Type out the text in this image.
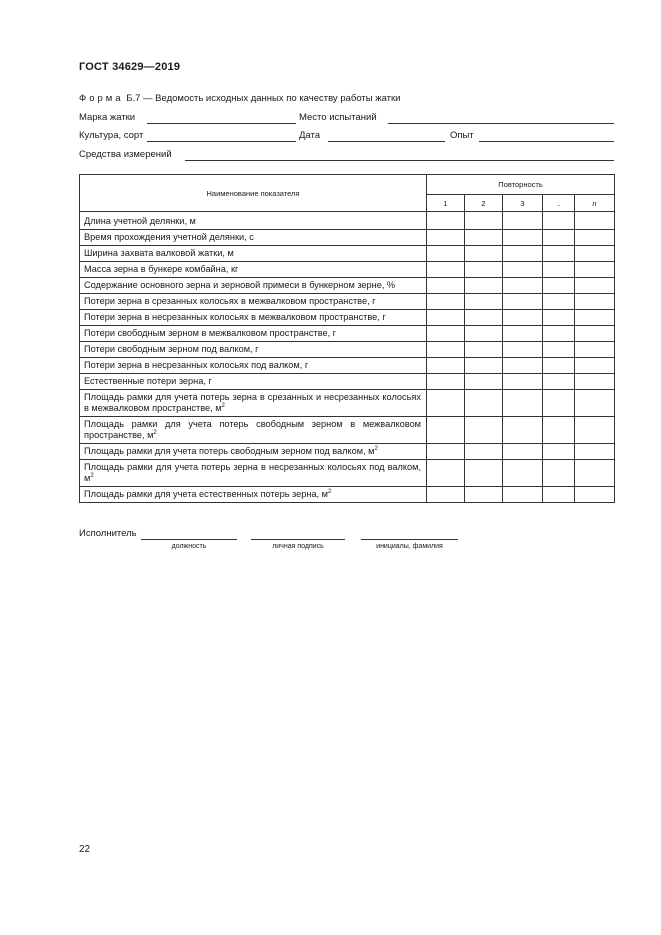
ГОСТ 34629—2019
Форма Б.7 — Ведомость исходных данных по качеству работы жатки
Марка жатки	Место испытаний
Культура, сорт	Дата	Опыт
Средства измерений
Наименование показателя	Повторность				
	1	2	3	..	n
Длина учетной делянки, м					
Время прохождения учетной делянки, с					
Ширина захвата валковой жатки, м					
Масса зерна в бункере комбайна, кг					
Содержание основного зерна и зерновой примеси в бункерном зерне, %					
Потери зерна в срезанных колосьях в межвалковом пространстве, г					
Потери зерна в несрезанных колосьях в межвалковом пространстве, г					
Потери свободным зерном в межвалковом пространстве, г					
Потери свободным зерном под валком, г					
Потери зерна в несрезанных колосьях под валком, г					
Естественные потери зерна, г					
Площадь рамки для учета потерь зерна в срезанных и несрезанных колосьях в межвалковом пространстве, $м^2$					
Площадь рамки для учета потерь свободным зерном в межвалковом пространстве, $м^2$					
Площадь рамки для учета потерь свободным зерном под валком, $м^2$					
Площадь рамки для учета потерь зерна в несрезанных колосьях под валком, $м^2$					
Площадь рамки для учета естественных потерь зерна, $м^2$					
Исполнитель
должность	личная подпись	инициалы, фамилия
22
